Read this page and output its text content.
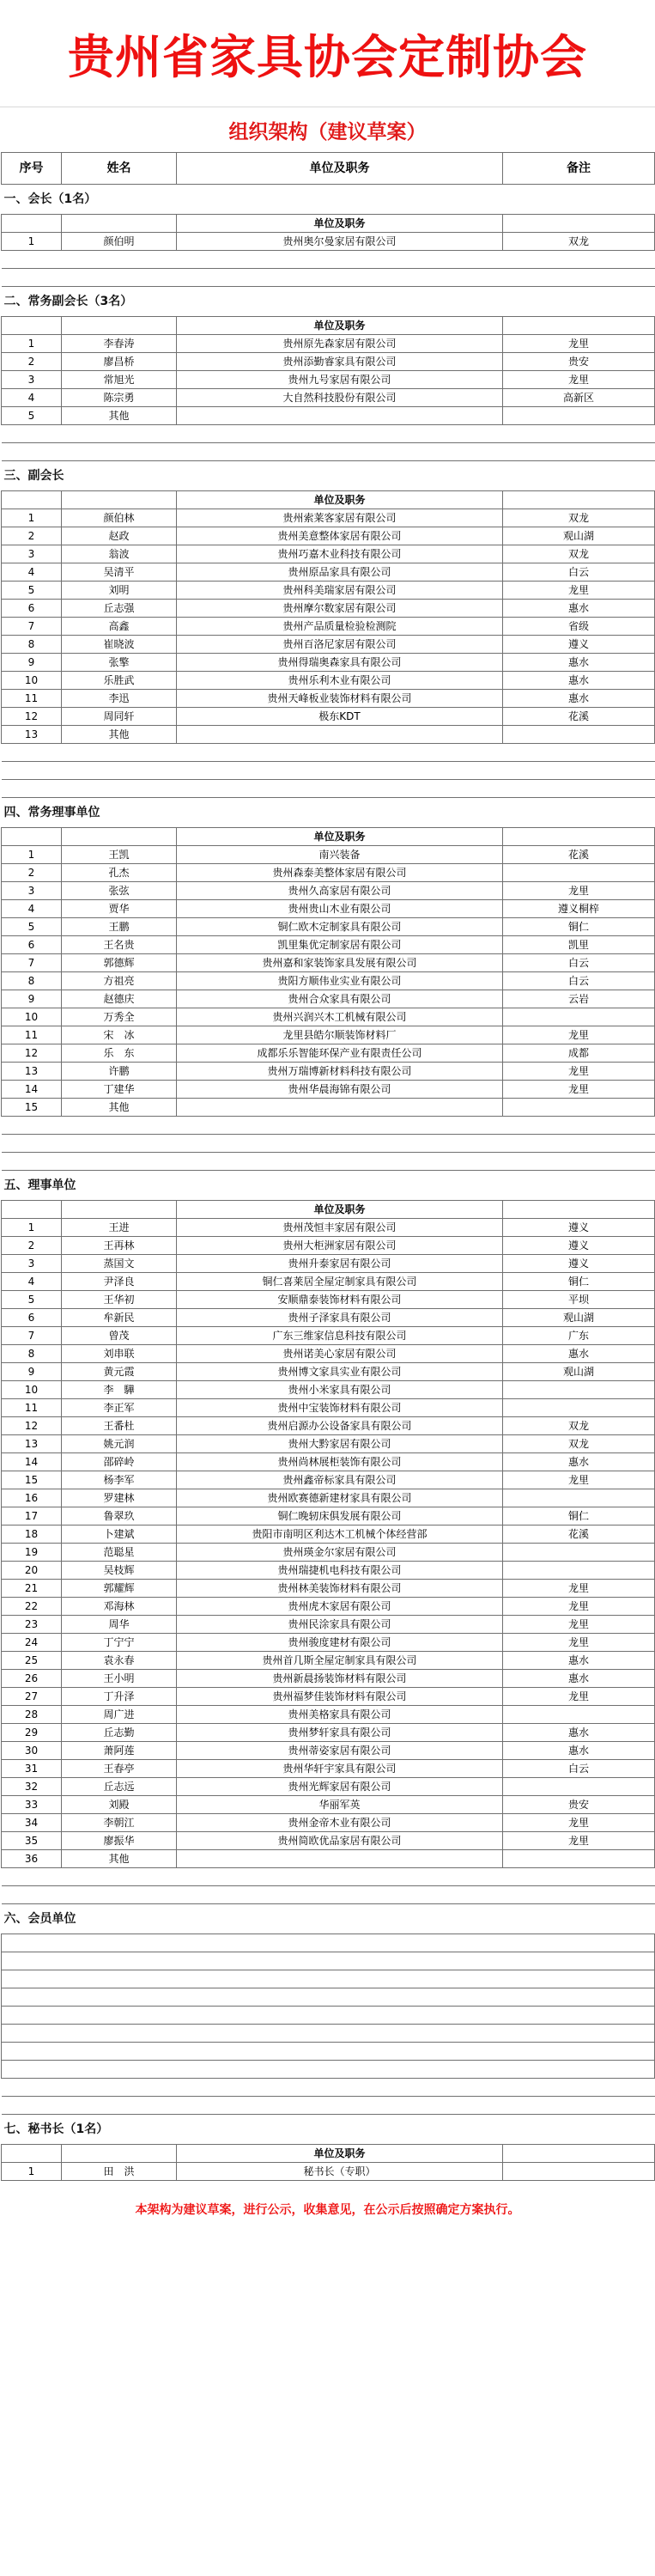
贵州省家具协会定制协会
组织架构（建议草案）
序号	姓名	单位及职务	备注
一、会长（1名）			
		单位及职务	
1	颜伯明	贵州奥尔曼家居有限公司	双龙

二、常务副会长（3名）			
		单位及职务	
1	李春涛	贵州原先森家居有限公司	龙里
2	廖昌桥	贵州添勤睿家具有限公司	贵安
3	常旭光	贵州九号家居有限公司	龙里
4	陈宗勇	大自然科技股份有限公司	高新区
5	其他		

三、副会长			
		单位及职务	
1	颜伯林	贵州索莱客家居有限公司	双龙
2	赵政	贵州美意整体家居有限公司	观山湖
3	翁波	贵州巧嘉木业科技有限公司	双龙
4	吴清平	贵州原品家具有限公司	白云
5	刘明	贵州科美瑞家居有限公司	龙里
6	丘志强	贵州摩尔数家居有限公司	惠水
7	高鑫	贵州产品质量检验检测院	省级
8	崔晓波	贵州百洛尼家居有限公司	遵义
9	张擎	贵州得瑞奥森家具有限公司	惠水
10	乐胜武	贵州乐利木业有限公司	惠水
11	李迅	贵州天峰板业装饰材料有限公司	惠水
12	周同轩	极东KDT	花溪
13	其他		

四、常务理事单位			
		单位及职务	
1	王凯	南兴装备	花溪
2	孔杰	贵州森泰美整体家居有限公司	
3	张弦	贵州久高家居有限公司	龙里
4	贾华	贵州贵山木业有限公司	遵义桐梓
5	王鹏	铜仁欧木定制家具有限公司	铜仁
6	王名贵	凯里集优定制家居有限公司	凯里
7	郭德辉	贵州嘉和家装饰家具发展有限公司	白云
8	方祖亮	贵阳方顺伟业实业有限公司	白云
9	赵德庆	贵州合众家具有限公司	云岩
10	万秀全	贵州兴润兴木工机械有限公司	
11	宋　冰	龙里县皓尔顺装饰材料厂	龙里
12	乐　东	成都乐乐智能环保产业有限责任公司	成都
13	许鹏	贵州万瑞博新材料科技有限公司	龙里
14	丁建华	贵州华晨海锦有限公司	龙里
15	其他		

五、理事单位			
		单位及职务	
1	王进	贵州茂恒丰家居有限公司	遵义
2	王再林	贵州大柜洲家居有限公司	遵义
3	蒸国文	贵州升泰家居有限公司	遵义
4	尹泽良	铜仁喜莱居全屋定制家具有限公司	铜仁
5	王华初	安顺鼎泰装饰材料有限公司	平坝
6	牟新民	贵州子泽家具有限公司	观山湖
7	曾茂	广东三维家信息科技有限公司	广东
8	刘串联	贵州诺美心家居有限公司	惠水
9	黄元霞	贵州博文家具实业有限公司	观山湖
10	李　驊	贵州小米家具有限公司	
11	李正军	贵州中宝装饰材料有限公司	
12	王番杜	贵州启源办公设备家具有限公司	双龙
13	姚元润	贵州大黔家居有限公司	双龙
14	邵碎岭	贵州尚林展柜装饰有限公司	惠水
15	杨李军	贵州鑫帝标家具有限公司	龙里
16	罗建林	贵州欧赛德新建材家具有限公司	
17	鲁翠玖	铜仁晚轫床俱发展有限公司	铜仁
18	卜建斌	贵阳市南明区利达木工机械个体经营部	花溪
19	范聪星	贵州瑛金尔家居有限公司	
20	吴枝辉	贵州瑞捷机电科技有限公司	
21	郭耀辉	贵州林美装饰材料有限公司	龙里
22	邓海林	贵州虎木家居有限公司	龙里
23	周华	贵州民涂家具有限公司	龙里
24	丁宁宁	贵州骏度建材有限公司	龙里
25	袁永春	贵州首几斯全屋定制家具有限公司	惠水
26	王小明	贵州新晨扬装饰材料有限公司	惠水
27	丁升泽	贵州福梦佳装饰材料有限公司	龙里
28	周广进	贵州美格家具有限公司	
29	丘志勤	贵州梦轩家具有限公司	惠水
30	萧阿莲	贵州蒂姿家居有限公司	惠水
31	王春亭	贵州华轩宇家具有限公司	白云
32	丘志远	贵州光辉家居有限公司	
33	刘殿	华丽军英	贵安
34	李朝江	贵州金帝木业有限公司	龙里
35	廖振华	贵州简欧优品家居有限公司	龙里
36	其他		

六、会员单位			

七、秘书长（1名）			
		单位及职务	
1	田　洪	秘书长（专职）	
本架构为建议草案，进行公示，收集意见，在公示后按照确定方案执行。
